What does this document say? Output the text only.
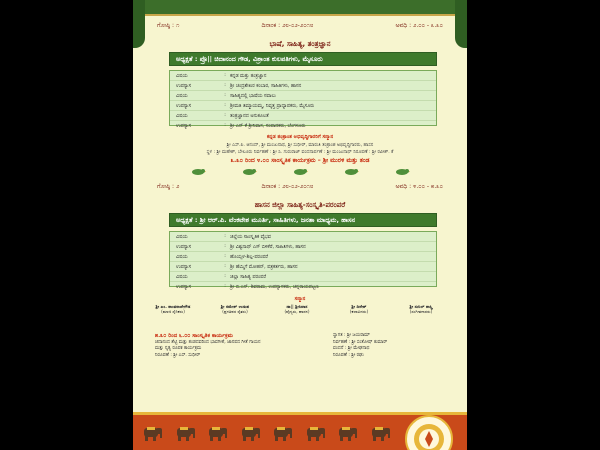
ಗೋಷ್ಠಿ : ೧	ದಿನಾಂಕ : ೨೮-೦೨-೨೦೧೮	ಅವಧಿ : ೨.೦೦ - ೩.೩೦
ಭಾಷೆ, ಸಾಹಿತ್ಯ, ತಂತ್ರಜ್ಞಾನ
ಅಧ್ಯಕ್ಷತೆ : ಪ್ರೊ|| ಚಿದಾನಂದ ಗೌಡ, ವಿಶ್ರಾಂತ ಕುಲಪತಿಗಳು, ಮೈಸೂರು
ವಿಷಯ	: ಕನ್ನಡ ಮತ್ತು ತಂತ್ರಜ್ಞಾನ
ಉಪನ್ಯಾಸ	: ಶ್ರೀ ಚಂದ್ರಶೇಖರ ಕಂಬಾರ, ಸಾಹಿತಿಗಳು, ಹಾಸನ
ವಿಷಯ	: ಸಾಹಿತ್ಯದಲ್ಲಿ ಭಾಷೆಯ ಸವಾಲು
ಉಪನ್ಯಾಸ	: ಶ್ರೀಮತಿ ತಿಮ್ಮಾಯಮ್ಮ, ನಿವೃತ್ತ ಪ್ರಾಧ್ಯಾಪಕರು, ಮೈಸೂರು
ವಿಷಯ	: ತಂತ್ರಜ್ಞಾನದ ಅನುಕೂಲತೆ
ಉಪನ್ಯಾಸ	: ಶ್ರೀ ಎನ್ ಕೆ ಶ್ರೀನಿವಾಸ, ಸಂಪಾದಕರು, ಬೆಂಗಳೂರು
ಕನ್ನಡ ತಂತ್ರಾಂಶ ಅಭಿವೃದ್ಧಿಗಾರರಿಗೆ ಸನ್ಮಾನ
ಶ್ರೀ ಎಸ್.ಪಿ. ಆನಂದ್, ಶ್ರೀ ಮಂಜುನಾಥ, ಶ್ರೀ ಸುಧೀರ್, ಮಾರುತಿ ತಂತ್ರಾಂಶ ಅಭಿವೃದ್ಧಿಗಾರರು, ಹಾಸನ
ಸ್ಥಳ : ಶ್ರೀ ಮಹೇಶ್, ಬೇಲೂರು ನಿರ್ವಹಣೆ : ಶ್ರೀ ಸಿ. ಗುರುರಾಜ್ ವಂದನಾರ್ಪಣೆ : ಶ್ರೀ ಮಂಜುನಾಥ್ ನಿರೂಪಣೆ : ಶ್ರೀ ರವೀಶ್. ಕೆ
೩.೩೦ ರಿಂದ ೪.೦೦ ಸಾಂಸ್ಕೃತಿಕ ಕಾರ್ಯಕ್ರಮ – ಶ್ರೀ ಮುರಳಿ ಮತ್ತು ತಂಡ
ಗೋಷ್ಠಿ : ೨	ದಿನಾಂಕ : ೨೮-೦೨-೨೦೧೮	ಅವಧಿ : ೪.೦೦ - ೫.೩೦
ಹಾಸನ ಜಿಲ್ಲಾ ಸಾಹಿತ್ಯ-ಸಂಸ್ಕೃತಿ-ಪರಂಪರೆ
ಅಧ್ಯಕ್ಷತೆ : ಶ್ರೀ ಆರ್.ಪಿ. ವೆಂಕಟೇಶ ಮೂರ್ತಿ, ಸಾಹಿತಿಗಳು, ಜನತಾ ಮಾಧ್ಯಮ, ಹಾಸನ
ವಿಷಯ	: ಜಿಲ್ಲೆಯ ಸಾಂಸ್ಕೃತಿಕ ವೈಭವ
ಉಪನ್ಯಾಸ	: ಶ್ರೀ ವಿಶ್ವನಾಥ್ ಎಸ್ ಬಿಳಿಕೆರೆ, ಸಾಹಿತಿಗಳು, ಹಾಸನ
ವಿಷಯ	: ಹೊಯ್ಸಳ-ಶಿಲ್ಪ-ಪರಂಪರೆ
ಉಪನ್ಯಾಸ	: ಶ್ರೀ ಹೆಮ್ಮಿಗೆ ಮೋಹನ್, ಪತ್ರಕರ್ತರು, ಹಾಸನ
ವಿಷಯ	: ಜಿಲ್ಲಾ ಸಾಹಿತ್ಯ ಪರಂಪರೆ
ಉಪನ್ಯಾಸ	: ಶ್ರೀ ಬಿ.ಎನ್. ಶಿವರಾಮ, ಉಪನ್ಯಾಸಕರು, ಚನ್ನರಾಯಪಟ್ಟಣ
ಸನ್ಮಾನ
ಶ್ರೀ ಎಂ. ಶಾಂತರಾಜೇಗೌಡ
(ಮಾಜಿ ಸೈನಿಕರು)
ಶ್ರೀ ರಮೇಶ್ ಉಡುಪ
(ಪ್ರಗತಿಪರ ರೈತರು)
ಡಾ|| ಶ್ರೀನಿವಾಸ
(ವೈದ್ಯರು, ಹಾಸನ)
ಶ್ರೀ ದಿನೇಶ್
(ಕಲಾವಿದರು)
ಶ್ರೀ ಸುನಿಲ್ ಶಾಸ್ತ್ರಿ
(ಸಂಗೀತಗಾರರು)
೫.೩೦ ರಿಂದ ೬.೦೦ ಸಾಂಸ್ಕೃತಿಕ ಕಾರ್ಯಕ್ರಮ
ಚಿದಾನಂದ ಶೆಟ್ಟಿ ಮತ್ತು ತಂಡದವರಿಂದ ಭಾವಗೀತೆ, ಜಾನಪದ ಗೀತೆ ಗಾಯನ
ಮತ್ತು ನೃತ್ಯ ರೂಪಕ ಕಾರ್ಯಕ್ರಮ
ನಿರೂಪಣೆ : ಶ್ರೀ ಎಸ್. ಸುಧೀರ್
ಸ್ವಾಗತ : ಶ್ರೀ ಜಯರಾಮ್
ನಿರ್ವಹಣೆ : ಶ್ರೀ ಸಂತೋಷ್ ಕುಮಾರ್
ವಂದನೆ : ಶ್ರೀ ಮೇಘನಾಥ
ನಿರೂಪಣೆ : ಶ್ರೀ ರಘು
